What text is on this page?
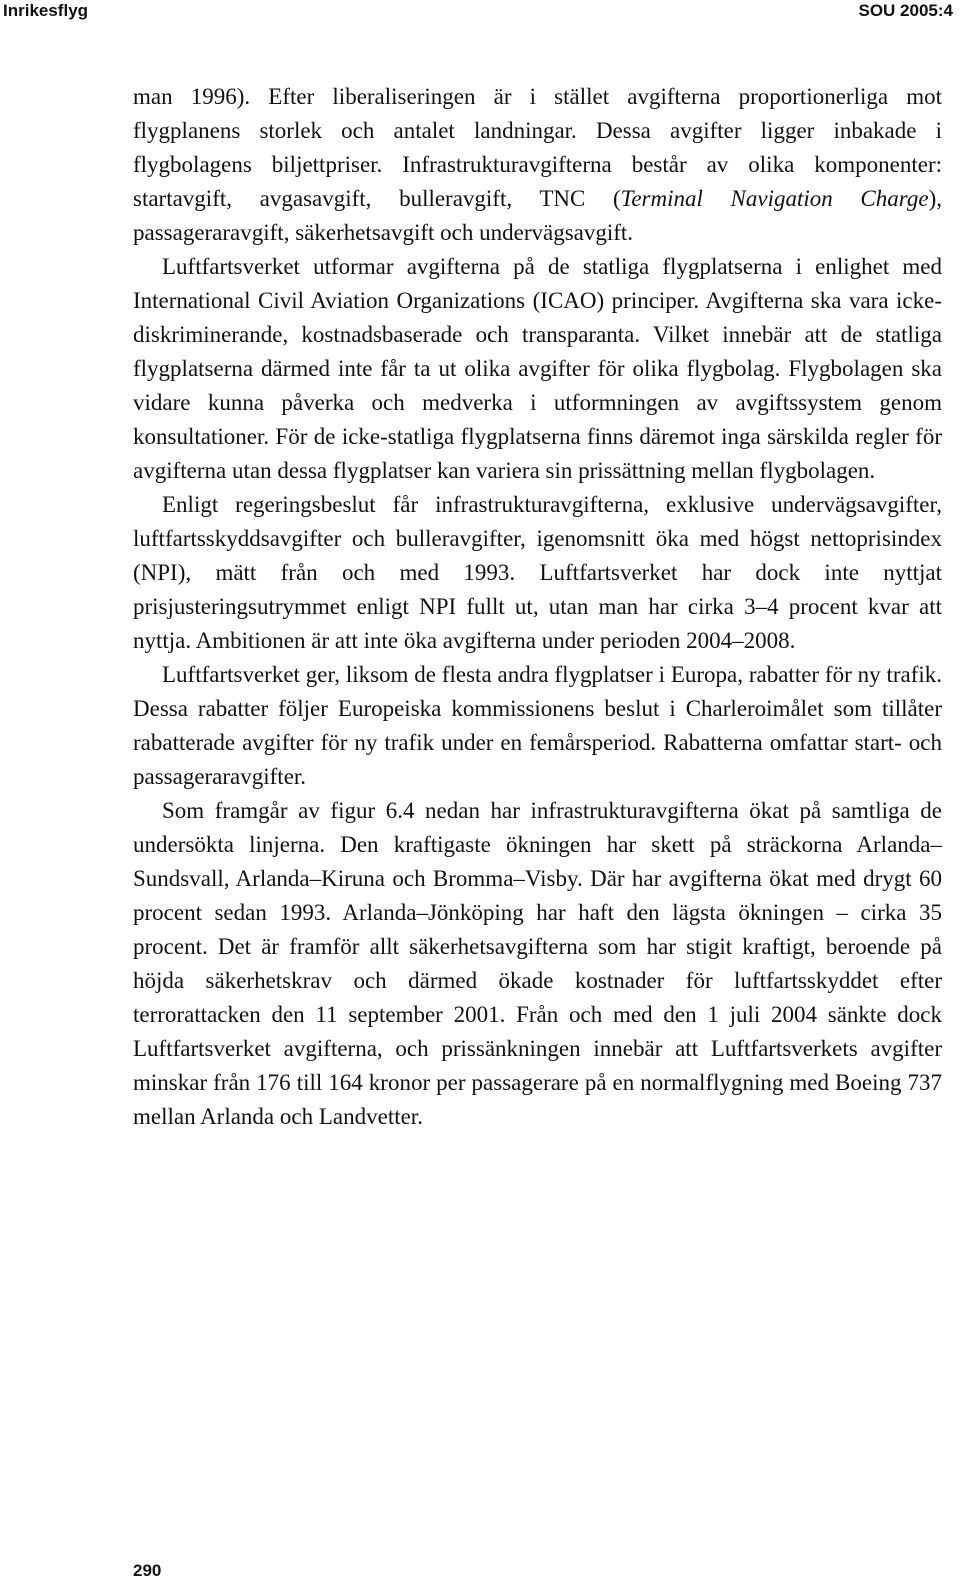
Inrikesflyg	SOU 2005:4

man 1996). Efter liberaliseringen är i stället avgifterna proportionerliga mot flygplanens storlek och antalet landningar. Dessa avgifter ligger inbakade i flygbolagens biljettpriser. Infrastrukturavgifterna består av olika komponenter: startavgift, avgasavgift, bulleravgift, TNC (Terminal Navigation Charge), passageraravgift, säkerhetsavgift och undervägsavgift.

Luftfartsverket utformar avgifterna på de statliga flygplatserna i enlighet med International Civil Aviation Organizations (ICAO) principer. Avgifterna ska vara icke-diskriminerande, kostnadsbaserade och transparanta. Vilket innebär att de statliga flygplatserna därmed inte får ta ut olika avgifter för olika flygbolag. Flygbolagen ska vidare kunna påverka och medverka i utformningen av avgiftssystem genom konsultationer. För de icke-statliga flygplatserna finns däremot inga särskilda regler för avgifterna utan dessa flygplatser kan variera sin prissättning mellan flygbolagen.

Enligt regeringsbeslut får infrastrukturavgifterna, exklusive undervägsavgifter, luftfartsskyddsavgifter och bulleravgifter, igenomsnitt öka med högst nettoprisindex (NPI), mätt från och med 1993. Luftfartsverket har dock inte nyttjat prisjusteringsutrymmet enligt NPI fullt ut, utan man har cirka 3–4 procent kvar att nyttja. Ambitionen är att inte öka avgifterna under perioden 2004–2008.

Luftfartsverket ger, liksom de flesta andra flygplatser i Europa, rabatter för ny trafik. Dessa rabatter följer Europeiska kommissionens beslut i Charleroimålet som tillåter rabatterade avgifter för ny trafik under en femårsperiod. Rabatterna omfattar start- och passageraravgifter.

Som framgår av figur 6.4 nedan har infrastrukturavgifterna ökat på samtliga de undersökta linjerna. Den kraftigaste ökningen har skett på sträckorna Arlanda–Sundsvall, Arlanda–Kiruna och Bromma–Visby. Där har avgifterna ökat med drygt 60 procent sedan 1993. Arlanda–Jönköping har haft den lägsta ökningen – cirka 35 procent. Det är framför allt säkerhetsavgifterna som har stigit kraftigt, beroende på höjda säkerhetskrav och därmed ökade kostnader för luftfartsskyddet efter terrorattacken den 11 september 2001. Från och med den 1 juli 2004 sänkte dock Luftfartsverket avgifterna, och prissänkningen innebär att Luftfartsverkets avgifter minskar från 176 till 164 kronor per passagerare på en normalflygning med Boeing 737 mellan Arlanda och Landvetter.

290
